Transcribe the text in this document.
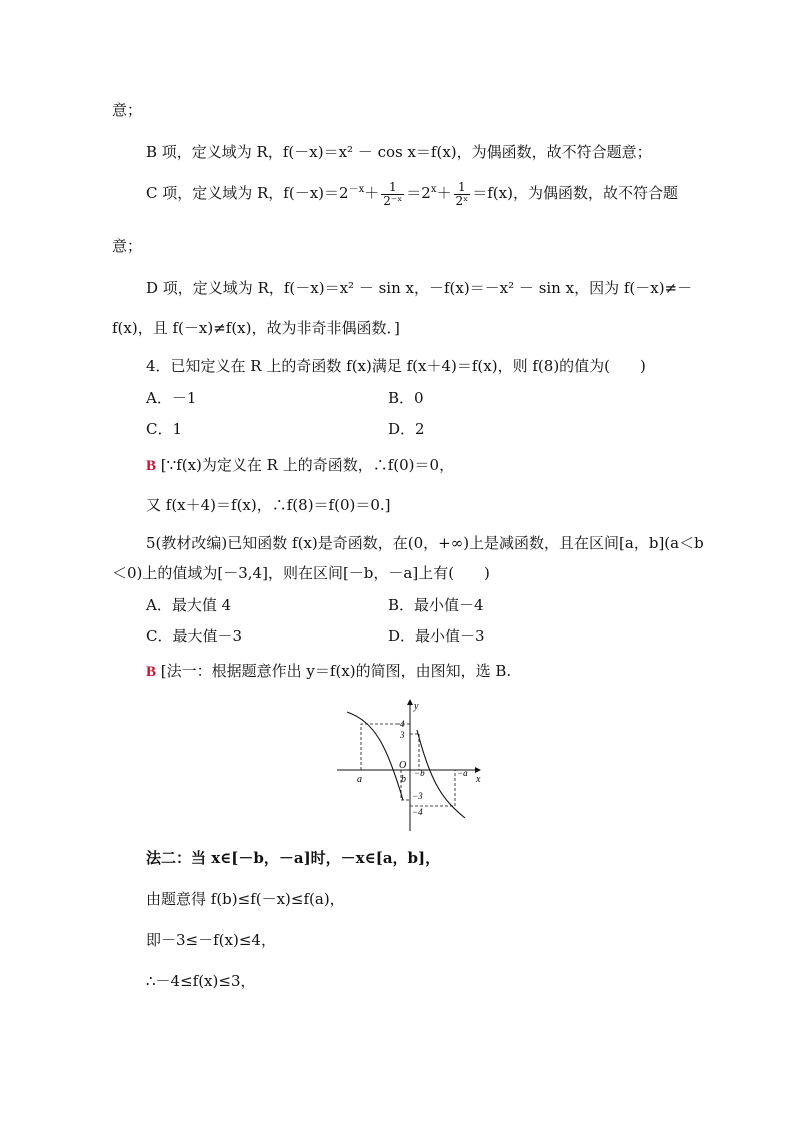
意；
B 项，定义域为 R，f(－x)＝x² － cos x＝f(x)，为偶函数，故不符合题意；
C 项，定义域为 R，$f(-x)=2^{-x}+ \frac{1}{\text{2⁻ˣ}} =2^x+ \frac{1}{\text{2ˣ}} =f(x)$，为偶函数，故不符合题
意；
D 项，定义域为 R，f(－x)＝x² － sin x，－f(x)＝－x² － sin x，因为 f(－x)≠－
f(x)，且 f(－x)≠f(x)，故为非奇非偶函数．]
4．已知定义在 R 上的奇函数 f(x)满足 f(x＋4)＝f(x)，则 f(8)的值为(　　)
A．－1	B．0
C．1	D．2
B [∵f(x)为定义在 R 上的奇函数，∴f(0)＝0，
又 f(x＋4)＝f(x)，∴f(8)＝f(0)＝0.]
5(教材改编)已知函数 f(x)是奇函数，在(0，+∞)上是减函数，且在区间[a，b](a＜b
＜0)上的值域为[－3,4]，则在区间[－b，－a]上有(　　)
A．最大值 4	B．最小值－4
C．最大值－3	D．最小值－3
B [法一：根据题意作出 y＝f(x)的简图，由图知，选 B.
y
x
O
4
3
−3
−4
a	b
−b	−a
法二：当 x∈[－b，－a]时，－x∈[a，b]，
由题意得 f(b)≤f(－x)≤f(a)，
即－3≤－f(x)≤4，
∴－4≤f(x)≤3，
